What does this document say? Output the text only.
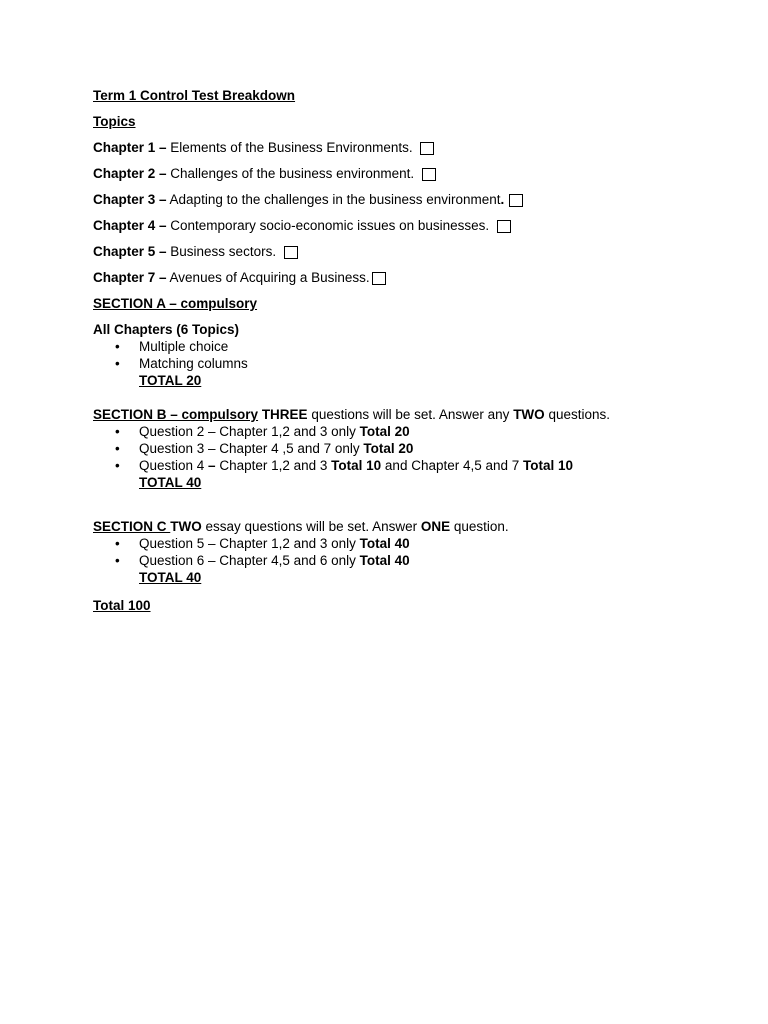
Term 1 Control Test Breakdown

Topics

Chapter 1 – Elements of the Business Environments.

Chapter 2 – Challenges of the business environment.

Chapter 3 – Adapting to the challenges in the business environment.

Chapter 4 – Contemporary socio-economic issues on businesses.

Chapter 5 – Business sectors.

Chapter 7 – Avenues of Acquiring a Business.

SECTION A – compulsory

All Chapters (6 Topics)

• Multiple choice
• Matching columns
TOTAL 20

SECTION B – compulsory THREE questions will be set. Answer any TWO questions.

• Question 2 – Chapter 1,2 and 3 only Total 20
• Question 3 – Chapter 4 ,5 and 7 only Total 20
• Question 4 – Chapter 1,2 and 3 Total 10 and Chapter 4,5 and 7 Total 10
TOTAL 40

SECTION C TWO essay questions will be set. Answer ONE question.

• Question 5 – Chapter 1,2 and 3 only Total 40
• Question 6 – Chapter 4,5 and 6 only Total 40
TOTAL 40

Total 100
